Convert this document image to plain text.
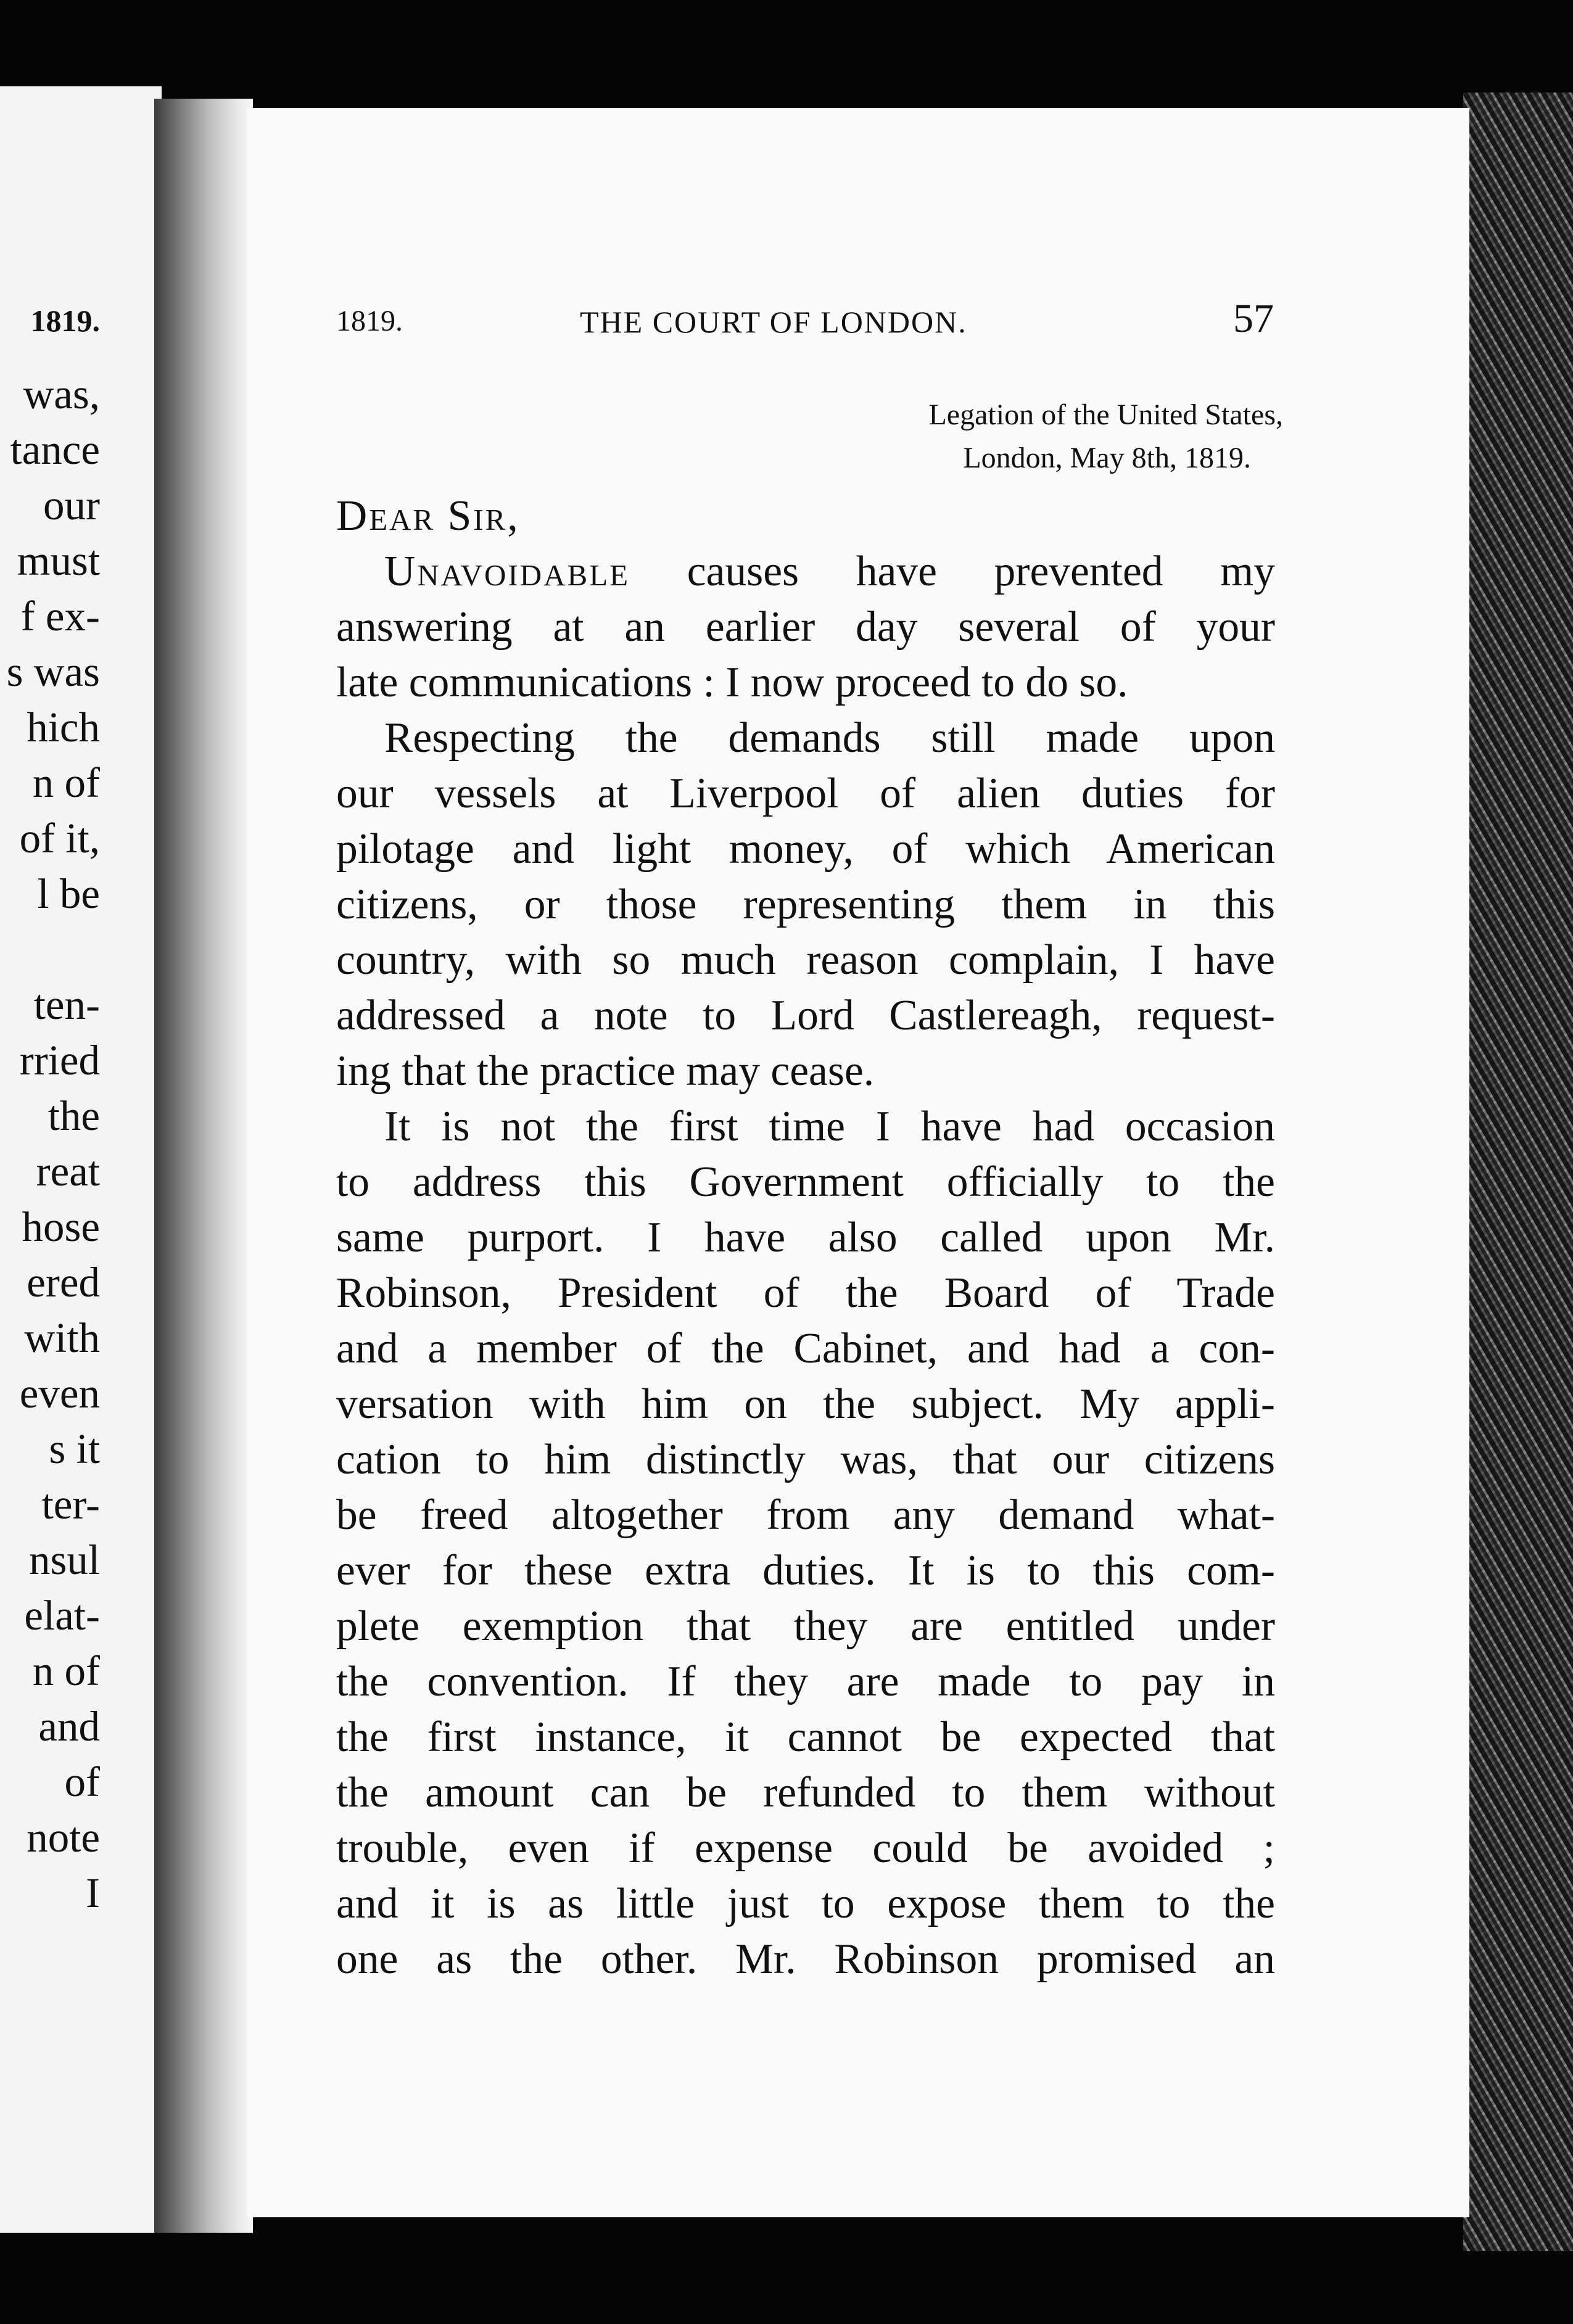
1819.
was,
tance
our
must
f ex-
s was
hich
n of
of it,
l be
ten-
rried
the
reat
hose
ered
with
even
s it
ter-
nsul
elat-
n of
and
of
note
I
1819.	THE COURT OF LONDON.	57
Legation of the United States,
London, May 8th, 1819.
Dear Sir,
Unavoidable causes have prevented my
answering at an earlier day several of your
late communications : I now proceed to do so.
Respecting the demands still made upon
our vessels at Liverpool of alien duties for
pilotage and light money, of which American
citizens, or those representing them in this
country, with so much reason complain, I have
addressed a note to Lord Castlereagh, request-
ing that the practice may cease.
It is not the first time I have had occasion
to address this Government officially to the
same purport. I have also called upon Mr.
Robinson, President of the Board of Trade
and a member of the Cabinet, and had a con-
versation with him on the subject. My appli-
cation to him distinctly was, that our citizens
be freed altogether from any demand what-
ever for these extra duties. It is to this com-
plete exemption that they are entitled under
the convention. If they are made to pay in
the first instance, it cannot be expected that
the amount can be refunded to them without
trouble, even if expense could be avoided ;
and it is as little just to expose them to the
one as the other. Mr. Robinson promised an
